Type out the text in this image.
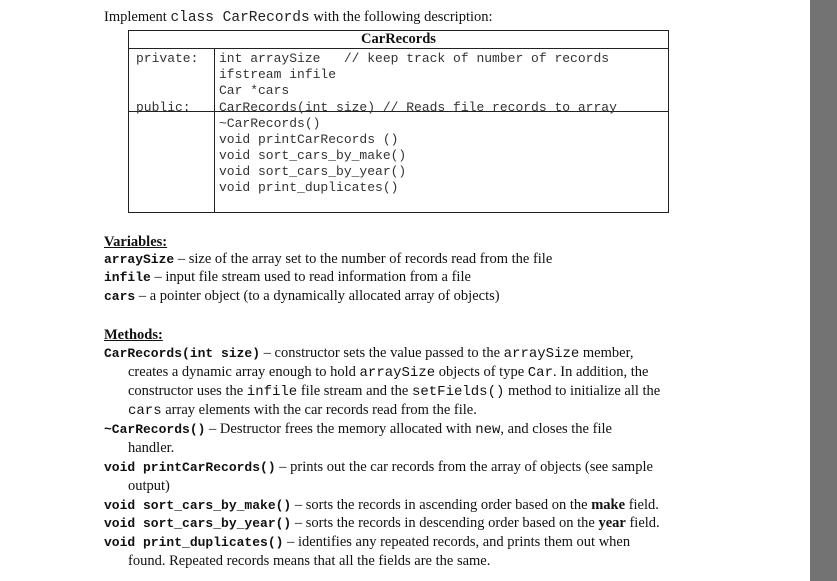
Implement class CarRecords with the following description:
CarRecords
private:
public:
int arraySize   // keep track of number of records
ifstream infile
Car *cars
CarRecords(int size) // Reads file records to array
~CarRecords()
void printCarRecords ()
void sort_cars_by_make()
void sort_cars_by_year()
void print_duplicates()
Variables:
arraySize – size of the array set to the number of records read from the file
infile – input file stream used to read information from a file
cars – a pointer object (to a dynamically allocated array of objects)
Methods:
CarRecords(int size) – constructor sets the value passed to the arraySize member,
creates a dynamic array enough to hold arraySize objects of type Car. In addition, the
constructor uses the infile file stream and the setFields() method to initialize all the
cars array elements with the car records read from the file.
~CarRecords() – Destructor frees the memory allocated with new, and closes the file
handler.
void printCarRecords() – prints out the car records from the array of objects (see sample
output)
void sort_cars_by_make() – sorts the records in ascending order based on the make field.
void sort_cars_by_year() – sorts the records in descending order based on the year field.
void print_duplicates() – identifies any repeated records, and prints them out when
found. Repeated records means that all the fields are the same.
